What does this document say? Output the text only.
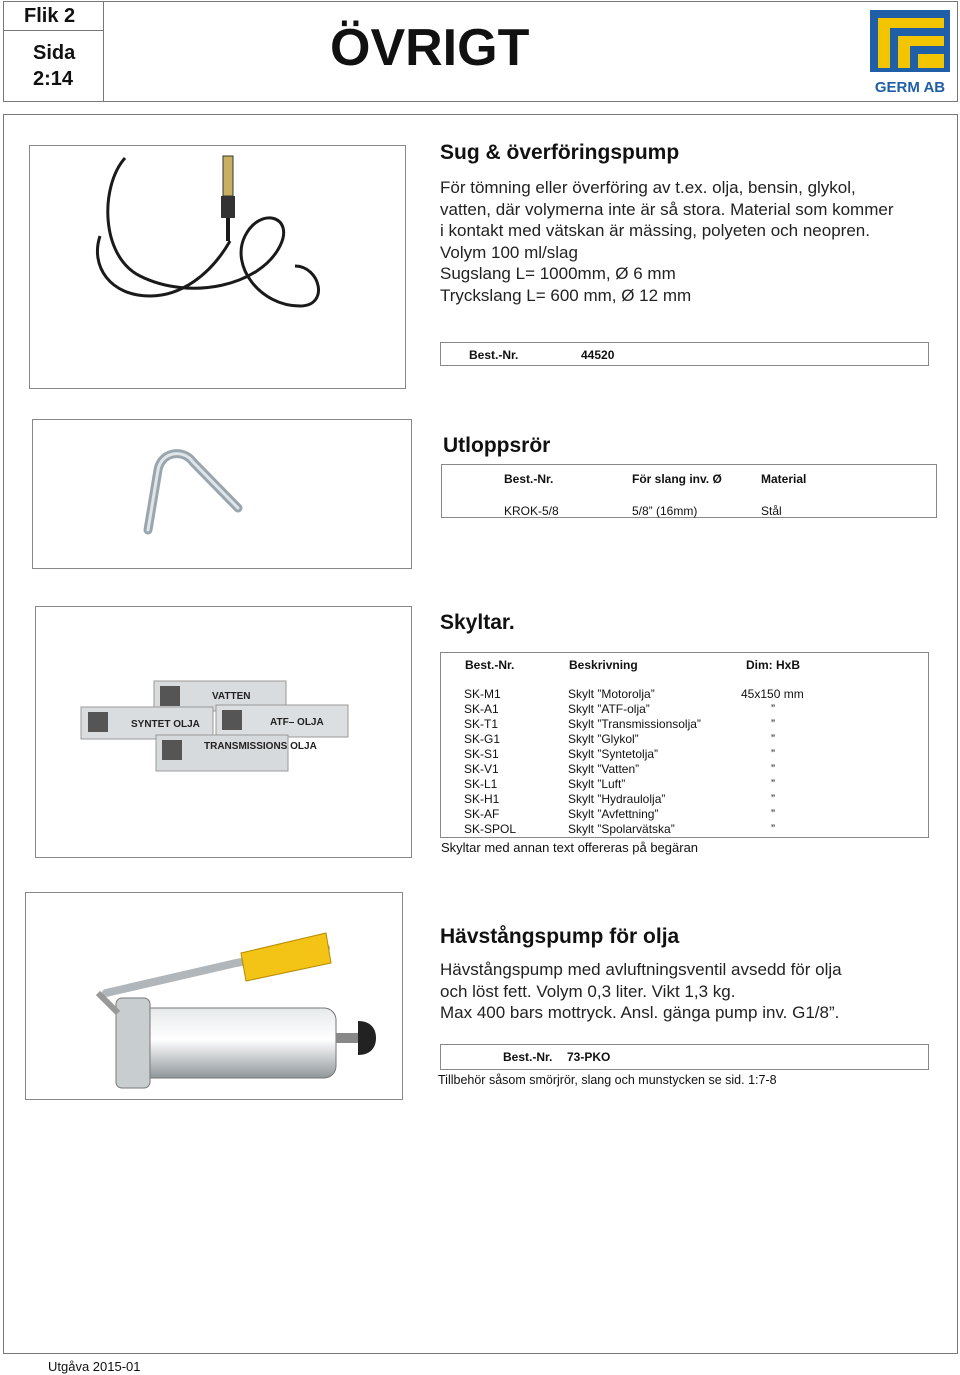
Flik 2
Sida
2:14
ÖVRIGT
GERM AB
Sug & överföringspump
För tömning eller överföring av t.ex. olja, bensin, glykol,
vatten, där volymerna inte är så stora. Material som kommer
i kontakt med vätskan är mässing, polyeten och neopren.
Volym 100 ml/slag
Sugslang L= 1000mm, Ø 6 mm
Tryckslang L= 600 mm, Ø 12 mm
Best.-Nr.	44520
Utloppsrör
Best.-Nr.	För slang inv. Ø	Material
KROK-5/8	5/8” (16mm)	Stål
VATTEN
SYNTET OLJA	ATF– OLJA
TRANSMISSIONS OLJA
Skyltar.
Best.-Nr.	Beskrivning	Dim: HxB
SK-M1	Skylt ”Motorolja”	45x150 mm
SK-A1	Skylt ”ATF-olja”	”
SK-T1	Skylt ”Transmissionsolja”	”
SK-G1	Skylt ”Glykol”	”
SK-S1	Skylt ”Syntetolja”	”
SK-V1	Skylt ”Vatten”	”
SK-L1	Skylt ”Luft”	”
SK-H1	Skylt ”Hydraulolja”	”
SK-AF	Skylt ”Avfettning”	”
SK-SPOL	Skylt ”Spolarvätska”	”
Skyltar med annan text offereras på begäran
Hävstångspump för olja
Hävstångspump med avluftningsventil avsedd för olja
och löst fett. Volym 0,3 liter. Vikt 1,3 kg.
Max 400 bars mottryck. Ansl. gänga pump inv. G1/8”.
Best.-Nr. 73-PKO
Tillbehör såsom smörjrör, slang och munstycken se sid. 1:7-8
Utgåva 2015-01
